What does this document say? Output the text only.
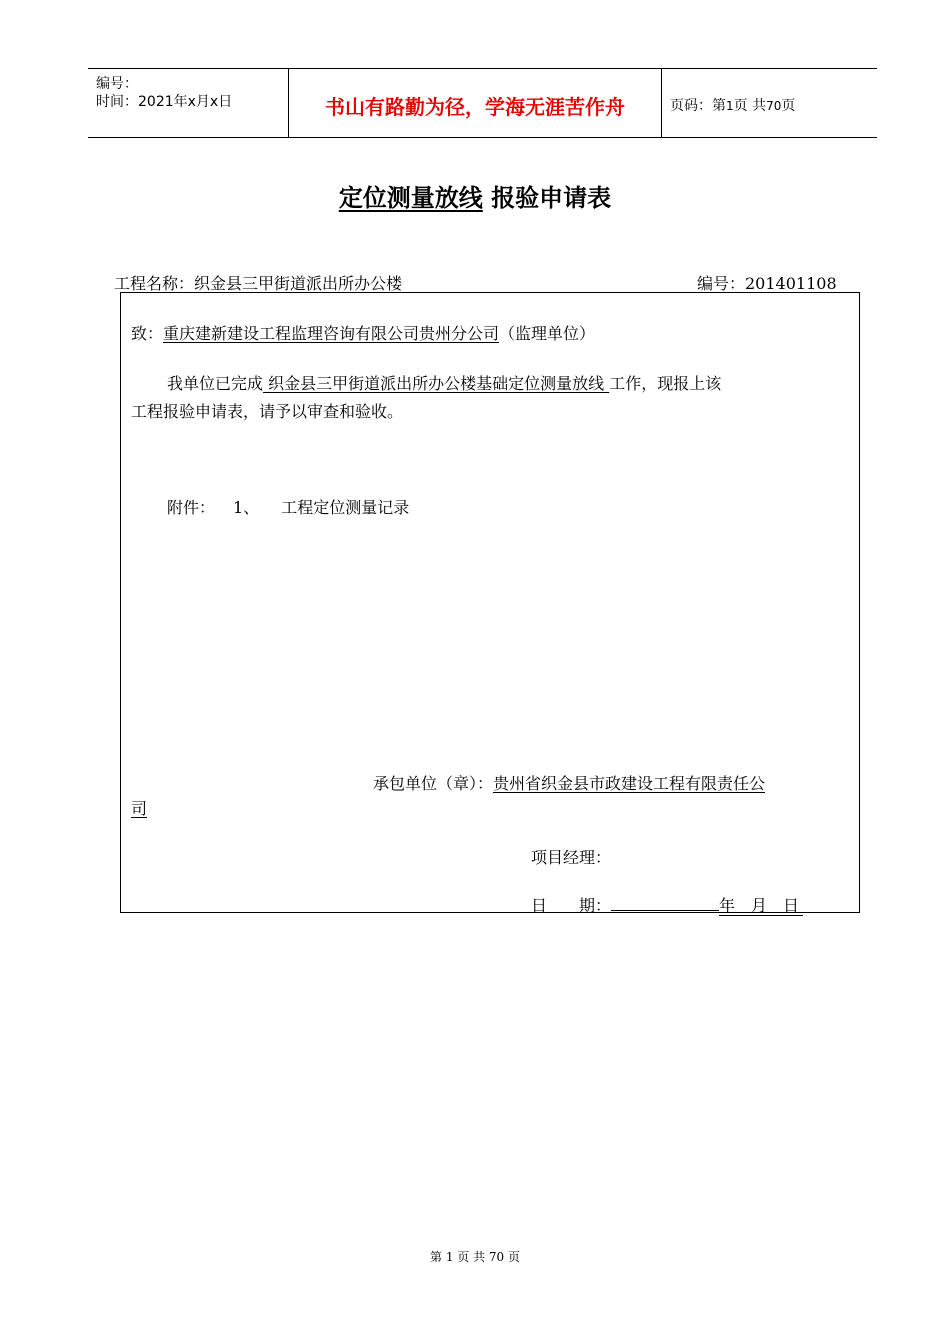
编号：
时间：2021年x月x日	书山有路勤为径，学海无涯苦作舟	页码：第1页 共70页
定位测量放线 报验申请表
工程名称：织金县三甲街道派出所办公楼	编号：201401108
致：重庆建新建设工程监理咨询有限公司贵州分公司（监理单位）
我单位已完成 织金县三甲街道派出所办公楼基础定位测量放线 工作，现报上该
工程报验申请表，请予以审查和验收。
附件： 1、 工程定位测量记录
承包单位（章）：贵州省织金县市政建设工程有限责任公
司
项目经理：
日　　期：	年　月　日
第 1 页 共 70 页
